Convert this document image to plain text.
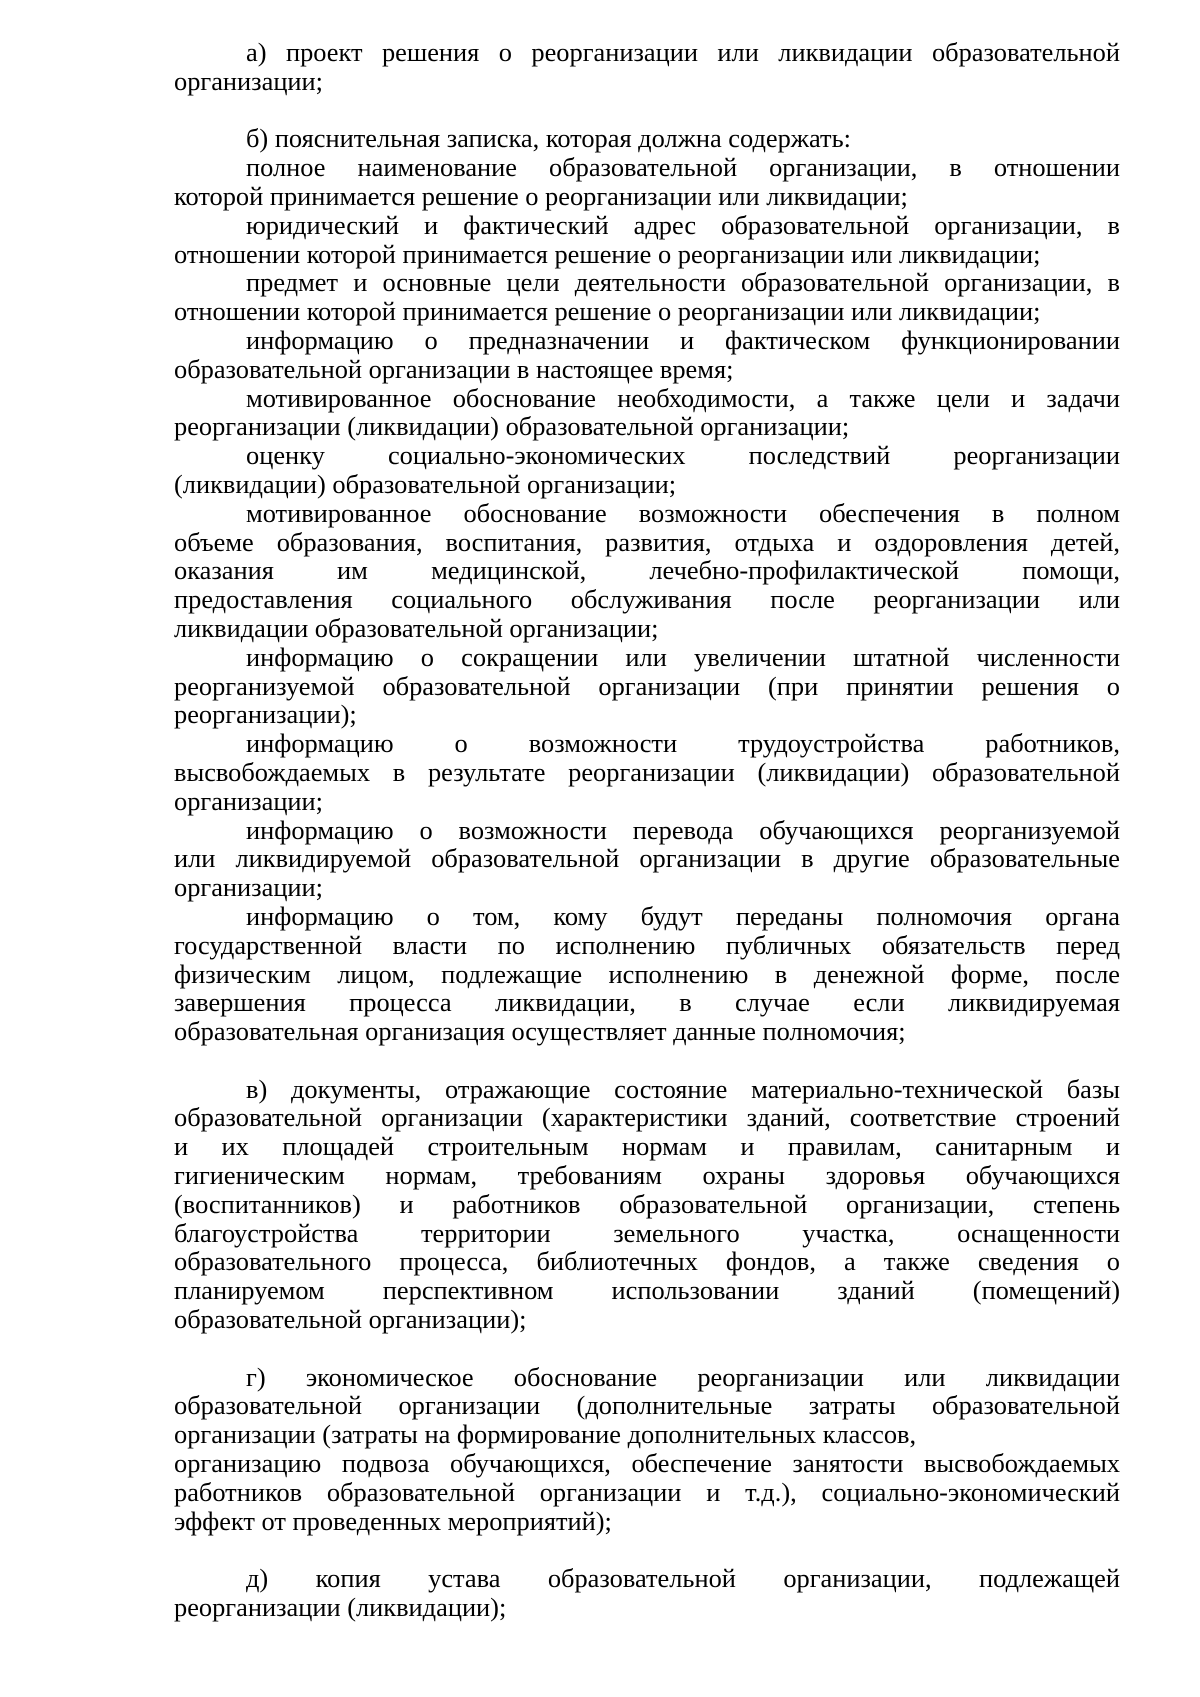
а) проект решения о реорганизации или ликвидации образовательной
организации;
б) пояснительная записка, которая должна содержать:
полное наименование образовательной организации, в отношении
которой принимается решение о реорганизации или ликвидации;
юридический и фактический адрес образовательной организации, в
отношении которой принимается решение о реорганизации или ликвидации;
предмет и основные цели деятельности образовательной организации, в
отношении которой принимается решение о реорганизации или ликвидации;
информацию о предназначении и фактическом функционировании
образовательной организации в настоящее время;
мотивированное обоснование необходимости, а также цели и задачи
реорганизации (ликвидации) образовательной организации;
оценку социально-экономических последствий реорганизации
(ликвидации) образовательной организации;
мотивированное обоснование возможности обеспечения в полном
объеме образования, воспитания, развития, отдыха и оздоровления детей,
оказания им медицинской, лечебно-профилактической помощи,
предоставления социального обслуживания после реорганизации или
ликвидации образовательной организации;
информацию о сокращении или увеличении штатной численности
реорганизуемой образовательной организации (при принятии решения о
реорганизации);
информацию о возможности трудоустройства работников,
высвобождаемых в результате реорганизации (ликвидации) образовательной
организации;
информацию о возможности перевода обучающихся реорганизуемой
или ликвидируемой образовательной организации в другие образовательные
организации;
информацию о том, кому будут переданы полномочия органа
государственной власти по исполнению публичных обязательств перед
физическим лицом, подлежащие исполнению в денежной форме, после
завершения процесса ликвидации, в случае если ликвидируемая
образовательная организация осуществляет данные полномочия;
в) документы, отражающие состояние материально-технической базы
образовательной организации (характеристики зданий, соответствие строений
и их площадей строительным нормам и правилам, санитарным и
гигиеническим нормам, требованиям охраны здоровья обучающихся
(воспитанников) и работников образовательной организации, степень
благоустройства территории земельного участка, оснащенности
образовательного процесса, библиотечных фондов, а также сведения о
планируемом перспективном использовании зданий (помещений)
образовательной организации);
г) экономическое обоснование реорганизации или ликвидации
образовательной организации (дополнительные затраты образовательной
организации (затраты на формирование дополнительных классов,
организацию подвоза обучающихся, обеспечение занятости высвобождаемых
работников образовательной организации и т.д.), социально-экономический
эффект от проведенных мероприятий);
д) копия устава образовательной организации, подлежащей
реорганизации (ликвидации);
